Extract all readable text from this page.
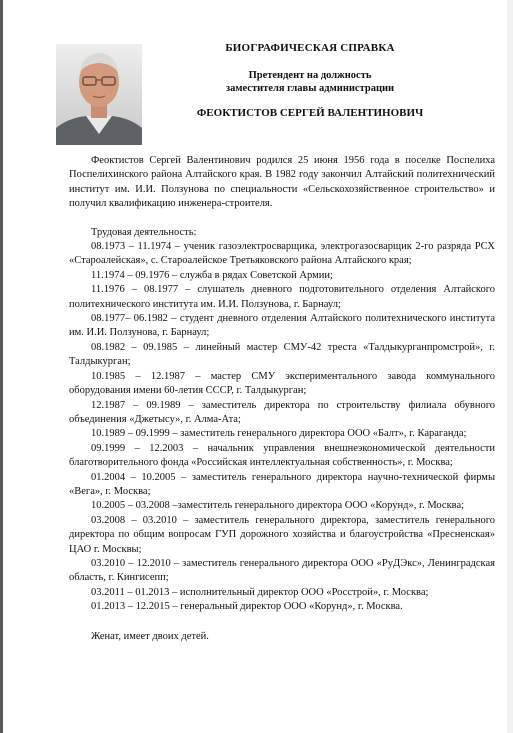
БИОГРАФИЧЕСКАЯ СПРАВКА
Претендент на должность
заместителя главы администрации
ФЕОКТИСТОВ СЕРГЕЙ ВАЛЕНТИНОВИЧ

Феоктистов Сергей Валентинович родился 25 июня 1956 года в поселке Поспелиха Поспелихинского района Алтайского края. В 1982 году закончил Алтайский политехнический институт им. И.И. Ползунова по специальности «Сельскохозяйственное строительство» и получил квалификацию инженера-строителя.

Трудовая деятельность:

08.1973 – 11.1974 – ученик газоэлектросварщика, электрогазосварщик 2-го разряда РСХ «Староалейская», с. Староалейское Третьяковского района Алтайского края;

11.1974 – 09.1976 – служба в рядах Советской Армии;

11.1976 – 08.1977 – слушатель дневного подготовительного отделения Алтайского политехнического института им. И.И. Ползунова, г. Барнаул;

08.1977– 06.1982 – студент дневного отделения Алтайского политехнического института им. И.И. Ползунова, г. Барнаул;

08.1982 – 09.1985 – линейный мастер СМУ-42 треста «Талдыкурганпромстрой», г. Талдыкурган;

10.1985 – 12.1987 – мастер СМУ экспериментального завода коммунального оборудования имени 60-летия СССР, г. Талдыкурган;

12.1987 – 09.1989 – заместитель директора по строительству филиала обувного объединения «Джетысу», г. Алма-Ата;

10.1989 – 09.1999 – заместитель генерального директора ООО «Балт», г. Караганда;

09.1999 – 12.2003 – начальник управления внешнеэкономической деятельности благотворительного фонда «Российская интеллектуальная собственность», г. Москва;

01.2004 – 10.2005 – заместитель генерального директора научно-технической фирмы «Вега», г. Москва;

10.2005 – 03.2008 –заместитель генерального директора ООО «Корунд», г. Москва;

03.2008 – 03.2010 – заместитель генерального директора, заместитель генерального директора по общим вопросам ГУП дорожного хозяйства и благоустройства «Пресненская» ЦАО г. Москвы;

03.2010 – 12.2010 – заместитель генерального директора ООО «РуДЭкс», Ленинградская область, г. Кингисепп;

03.2011 – 01.2013 – исполнительный директор ООО «Росстрой», г. Москва;

01.2013 – 12.2015 – генеральный директор ООО «Корунд», г. Москва.

Женат, имеет двоих детей.
